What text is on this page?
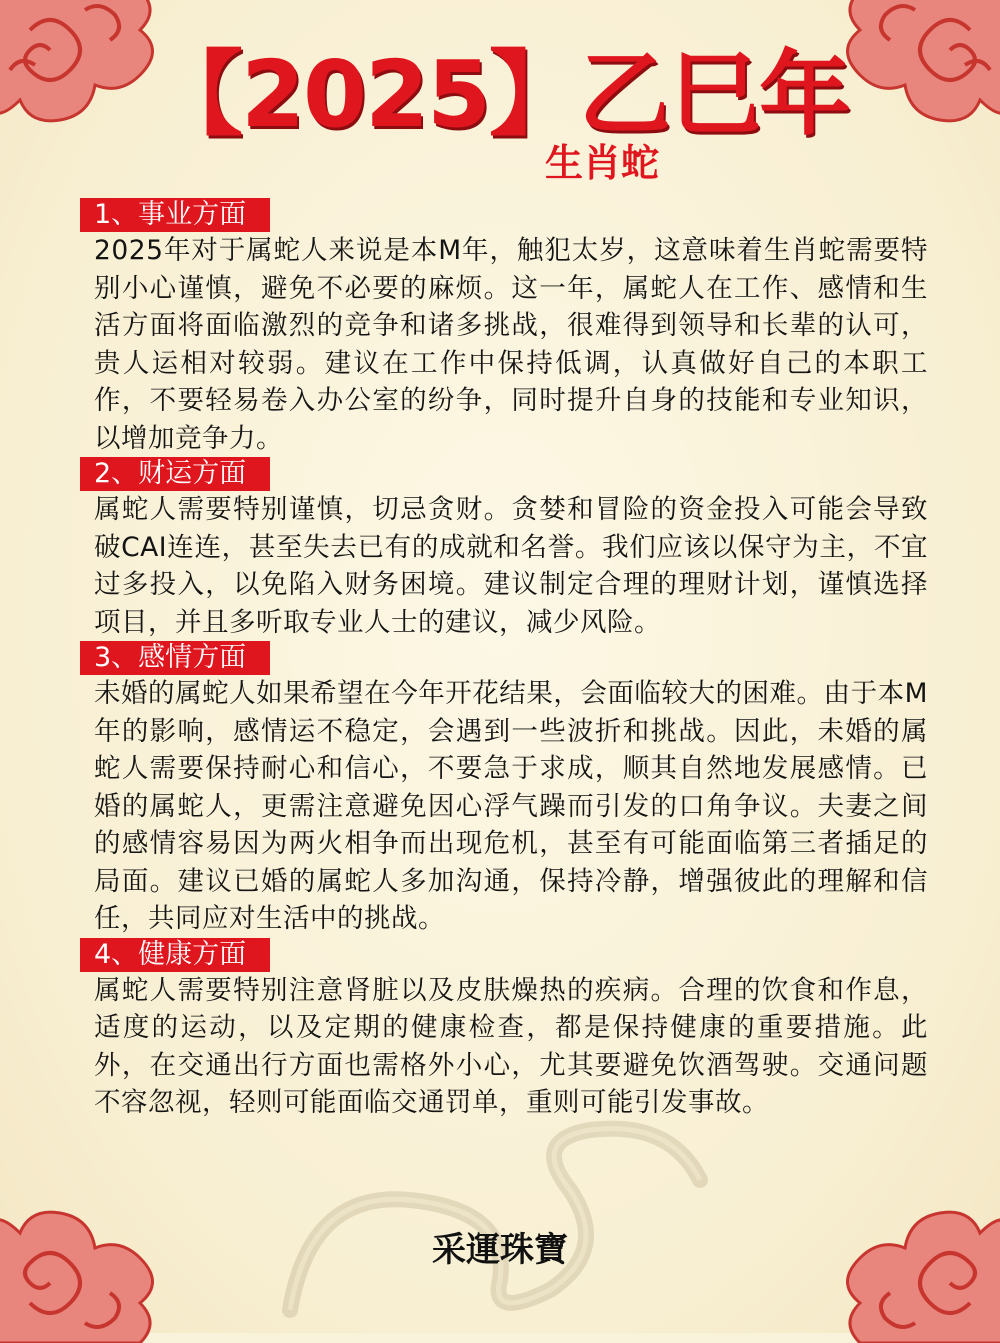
【2025】乙巳年
生肖蛇
1、事业方面

2025年对于属蛇人来说是本M年，触犯太岁，这意味着生肖蛇需要特别小心谨慎，避免不必要的麻烦。这一年，属蛇人在工作、感情和生活方面将面临激烈的竞争和诸多挑战，很难得到领导和长辈的认可，贵人运相对较弱。建议在工作中保持低调，认真做好自己的本职工作，不要轻易卷入办公室的纷争，同时提升自身的技能和专业知识，以增加竞争力。

2、财运方面

属蛇人需要特别谨慎，切忌贪财。贪婪和冒险的资金投入可能会导致破CAI连连，甚至失去已有的成就和名誉。我们应该以保守为主，不宜过多投入，以免陷入财务困境。建议制定合理的理财计划，谨慎选择项目，并且多听取专业人士的建议，减少风险。

3、感情方面

未婚的属蛇人如果希望在今年开花结果，会面临较大的困难。由于本M年的影响，感情运不稳定，会遇到一些波折和挑战。因此，未婚的属蛇人需要保持耐心和信心，不要急于求成，顺其自然地发展感情。已婚的属蛇人，更需注意避免因心浮气躁而引发的口角争议。夫妻之间的感情容易因为两火相争而出现危机，甚至有可能面临第三者插足的局面。建议已婚的属蛇人多加沟通，保持冷静，增强彼此的理解和信任，共同应对生活中的挑战。

4、健康方面

属蛇人需要特别注意肾脏以及皮肤燥热的疾病。合理的饮食和作息，适度的运动，以及定期的健康检查，都是保持健康的重要措施。此外，在交通出行方面也需格外小心，尤其要避免饮酒驾驶。交通问题不容忽视，轻则可能面临交通罚单，重则可能引发事故。

采運珠寶
